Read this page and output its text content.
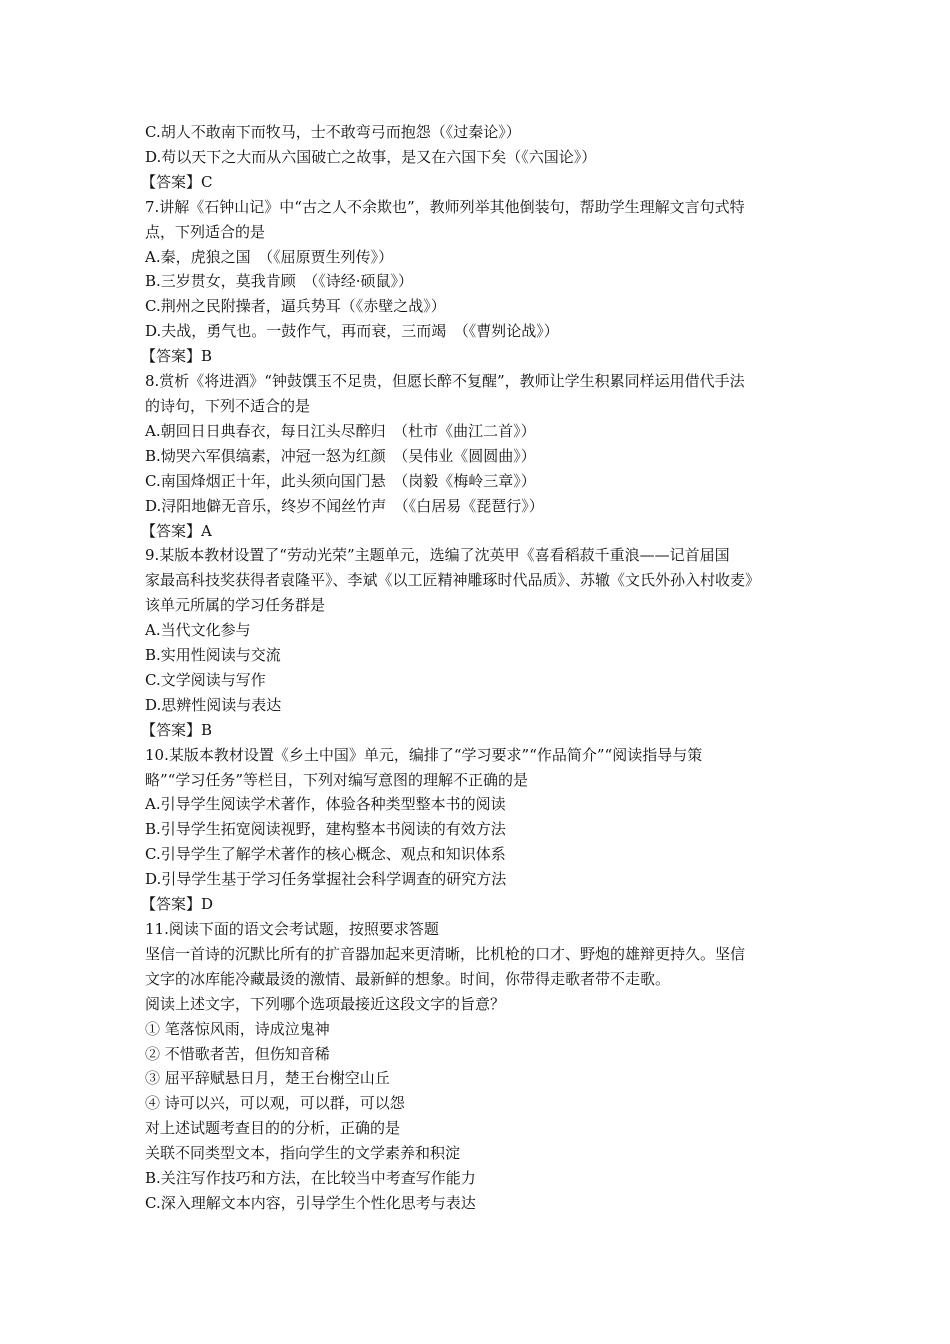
C.胡人不敢南下而牧马，士不敢弯弓而抱怨（《过秦论》）
D.苟以天下之大而从六国破亡之故事，是又在六国下矣（《六国论》）
【答案】C
7.讲解《石钟山记》中“古之人不余欺也”，教师列举其他倒装句，帮助学生理解文言句式特
点，下列适合的是
A.秦，虎狼之国　（《屈原贾生列传》）
B.三岁贯女，莫我肯顾　（《诗经·硕鼠》）
C.荆州之民附操者，逼兵势耳（《赤壁之战》）
D.夫战，勇气也。一鼓作气，再而衰，三而竭　（《曹刿论战》）
【答案】B
8.赏析《将进酒》“钟鼓馔玉不足贵，但愿长醉不复醒”，教师让学生积累同样运用借代手法
的诗句，下列不适合的是
A.朝回日日典春衣，每日江头尽醉归　（杜市《曲江二首》）
B.恸哭六军俱缟素，冲冠一怒为红颜　（吴伟业《圆圆曲》）
C.南国烽烟正十年，此头须向国门悬　（岗毅《梅岭三章》）
D.浔阳地僻无音乐，终岁不闻丝竹声　（《白居易《琵琶行》）
【答案】A
9.某版本教材设置了“劳动光荣”主题单元，选编了沈英甲《喜看稻菽千重浪——记首届国
家最高科技奖获得者袁隆平》、李斌《以工匠精神雕琢时代品质》、苏辙《文氏外孙入村收麦》
该单元所属的学习任务群是
A.当代文化参与
B.实用性阅读与交流
C.文学阅读与写作
D.思辨性阅读与表达
【答案】B
10.某版本教材设置《乡土中国》单元，编排了“学习要求”“作品简介”“阅读指导与策
略”“学习任务”等栏目，下列对编写意图的理解不正确的是
A.引导学生阅读学术著作，体验各种类型整本书的阅读
B.引导学生拓宽阅读视野，建构整本书阅读的有效方法
C.引导学生了解学术著作的核心概念、观点和知识体系
D.引导学生基于学习任务掌握社会科学调查的研究方法
【答案】D
11.阅读下面的语文会考试题，按照要求答题
坚信一首诗的沉默比所有的扩音器加起来更清晰，比机枪的口才、野炮的雄辩更持久。坚信
文字的冰库能冷藏最烫的激情、最新鲜的想象。时间，你带得走歌者带不走歌。
阅读上述文字，下列哪个选项最接近这段文字的旨意？
① 笔落惊风雨，诗成泣鬼神
② 不惜歌者苦，但伤知音稀
③ 屈平辞赋悬日月，楚王台榭空山丘
④ 诗可以兴，可以观，可以群，可以怨
对上述试题考查目的的分析，正确的是
关联不同类型文本，指向学生的文学素养和积淀
B.关注写作技巧和方法，在比较当中考查写作能力
C.深入理解文本内容，引导学生个性化思考与表达
